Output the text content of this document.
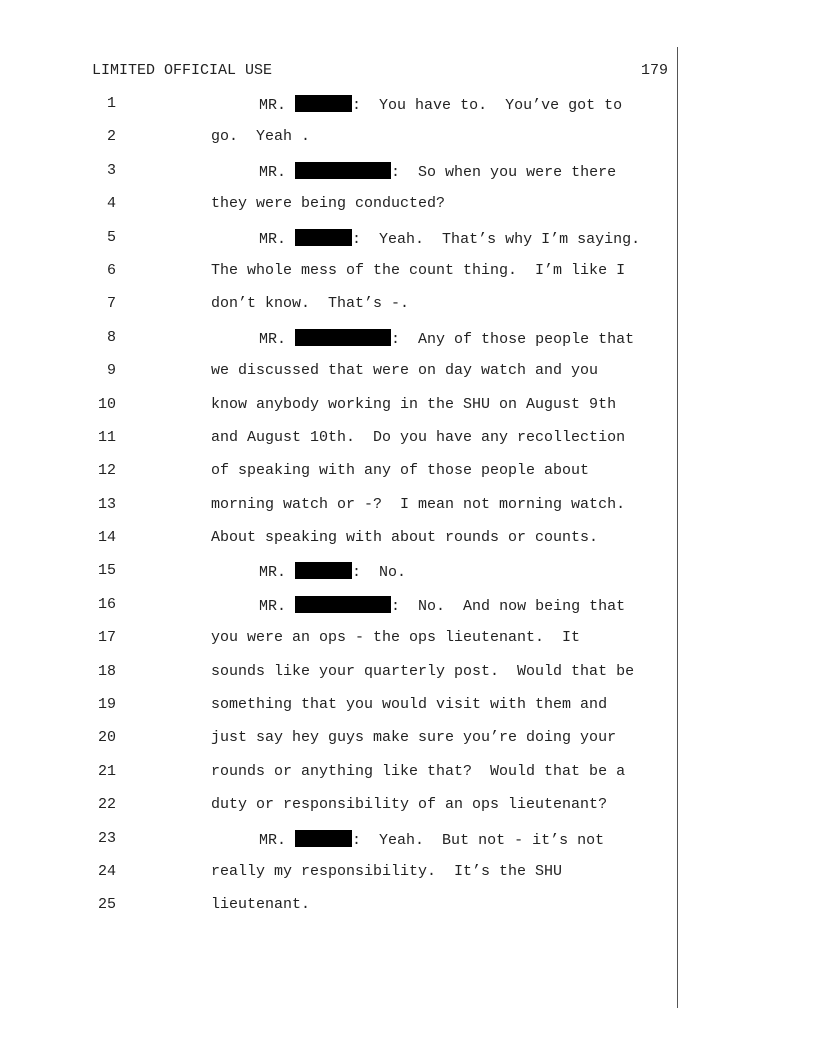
LIMITED OFFICIAL USE	179
1	MR.	:  You have to.  You’ve got to
2	go.  Yeah .
3	MR.	:  So when you were there
4	they were being conducted?
5	MR.	:  Yeah.  That’s why I’m saying.
6	The whole mess of the count thing.  I’m like I
7	don’t know.  That’s -.
8	MR.	:  Any of those people that
9	we discussed that were on day watch and you
10	know anybody working in the SHU on August 9th
11	and August 10th.  Do you have any recollection
12	of speaking with any of those people about
13	morning watch or -?  I mean not morning watch.
14	About speaking with about rounds or counts.
15	MR.	:  No.
16	MR.	:  No.  And now being that
17	you were an ops - the ops lieutenant.  It
18	sounds like your quarterly post.  Would that be
19	something that you would visit with them and
20	just say hey guys make sure you’re doing your
21	rounds or anything like that?  Would that be a
22	duty or responsibility of an ops lieutenant?
23	MR.	:  Yeah.  But not - it’s not
24	really my responsibility.  It’s the SHU
25	lieutenant.
